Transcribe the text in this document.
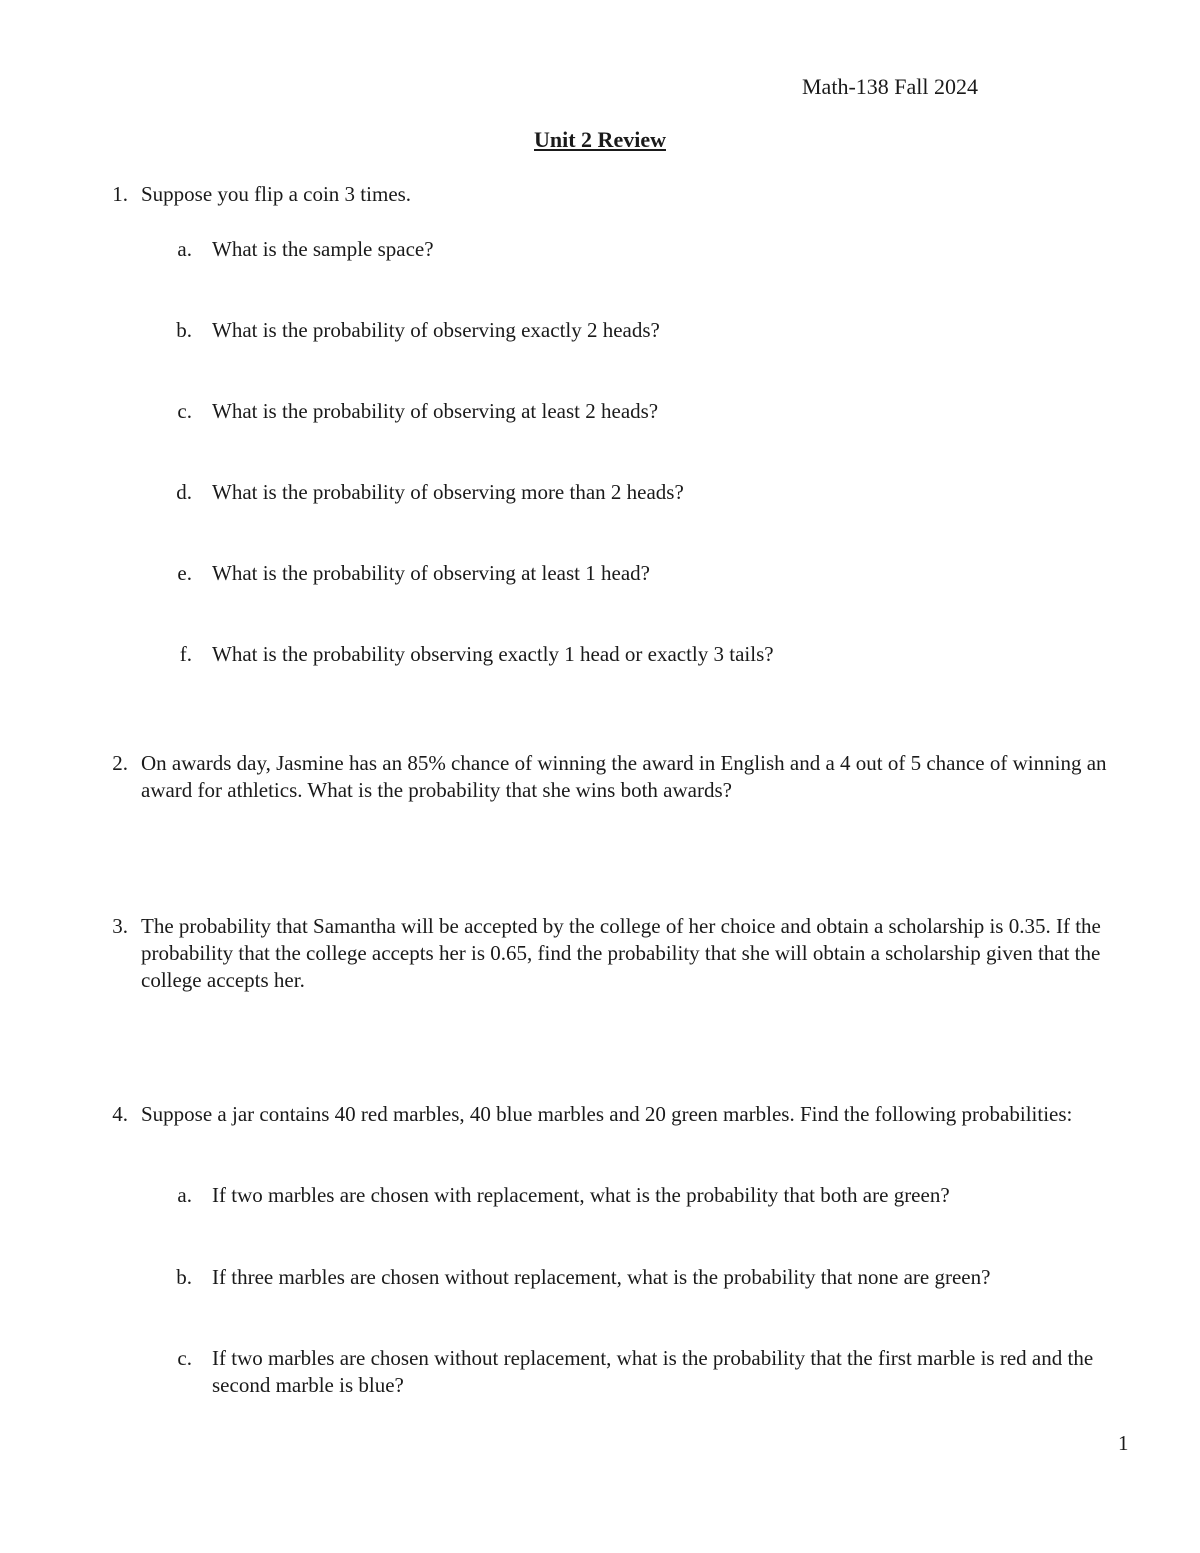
Math-138 Fall 2024
Unit 2 Review
1. Suppose you flip a coin 3 times.
a. What is the sample space?
b. What is the probability of observing exactly 2 heads?
c. What is the probability of observing at least 2 heads?
d. What is the probability of observing more than 2 heads?
e. What is the probability of observing at least 1 head?
f. What is the probability observing exactly 1 head or exactly 3 tails?
2. On awards day, Jasmine has an 85% chance of winning the award in English and a 4 out of 5 chance of winning an award for athletics. What is the probability that she wins both awards?
3. The probability that Samantha will be accepted by the college of her choice and obtain a scholarship is 0.35. If the probability that the college accepts her is 0.65, find the probability that she will obtain a scholarship given that the college accepts her.
4. Suppose a jar contains 40 red marbles, 40 blue marbles and 20 green marbles. Find the following probabilities:
a. If two marbles are chosen with replacement, what is the probability that both are green?
b. If three marbles are chosen without replacement, what is the probability that none are green?
c. If two marbles are chosen without replacement, what is the probability that the first marble is red and the second marble is blue?
1
